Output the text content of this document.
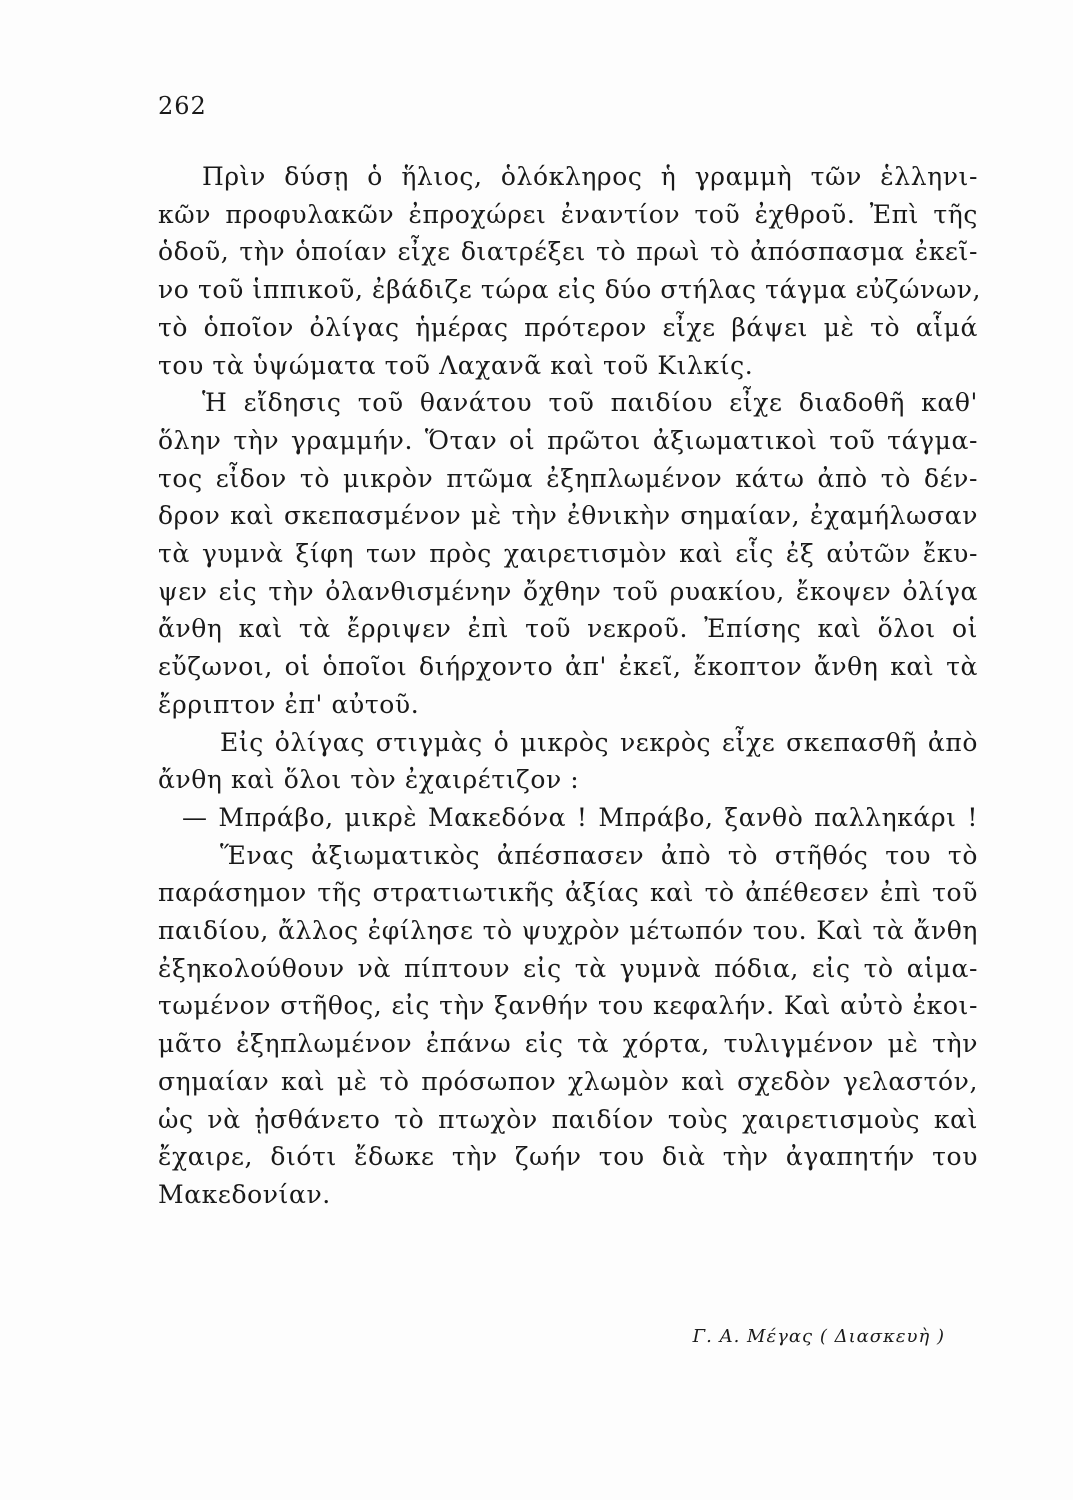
262
Πρὶν δύσῃ ὁ ἥλιος, ὁλόκληρος ἡ γραμμὴ τῶν ἑλληνι-
κῶν προφυλακῶν ἐπροχώρει ἐναντίον τοῦ ἐχθροῦ. Ἐπὶ τῆς
ὁδοῦ, τὴν ὁποίαν εἶχε διατρέξει τὸ πρωὶ τὸ ἀπόσπασμα ἐκεῖ-
νο τοῦ ἱππικοῦ, ἐβάδιζε τώρα εἰς δύο στήλας τάγμα εὐζώνων,
τὸ ὁποῖον ὀλίγας ἡμέρας πρότερον εἶχε βάψει μὲ τὸ αἷμά
του τὰ ὑψώματα τοῦ Λαχανᾶ καὶ τοῦ Κιλκίς.
Ἡ εἴδησις τοῦ θανάτου τοῦ παιδίου εἶχε διαδοθῆ καθ'
ὅλην τὴν γραμμήν. Ὅταν οἱ πρῶτοι ἀξιωματικοὶ τοῦ τάγμα-
τος εἶδον τὸ μικρὸν πτῶμα ἐξηπλωμένον κάτω ἀπὸ τὸ δέν-
δρον καὶ σκεπασμένον μὲ τὴν ἐθνικὴν σημαίαν, ἐχαμήλωσαν
τὰ γυμνὰ ξίφη των πρὸς χαιρετισμὸν καὶ εἷς ἐξ αὐτῶν ἔκυ-
ψεν εἰς τὴν ὀλανθισμένην ὄχθην τοῦ ρυακίου, ἔκοψεν ὀλίγα
ἄνθη καὶ τὰ ἔρριψεν ἐπὶ τοῦ νεκροῦ. Ἐπίσης καὶ ὅλοι οἱ
εὔζωνοι, οἱ ὁποῖοι διήρχοντο ἀπ' ἐκεῖ, ἔκοπτον ἄνθη καὶ τὰ
ἔρριπτον ἐπ' αὐτοῦ.
Εἰς ὀλίγας στιγμὰς ὁ μικρὸς νεκρὸς εἶχε σκεπασθῆ ἀπὸ
ἄνθη καὶ ὅλοι τὸν ἐχαιρέτιζον :
— Μπράβο, μικρὲ Μακεδόνα ! Μπράβο, ξανθὸ παλληκάρι !
Ἕνας ἀξιωματικὸς ἀπέσπασεν ἀπὸ τὸ στῆθός του τὸ
παράσημον τῆς στρατιωτικῆς ἀξίας καὶ τὸ ἀπέθεσεν ἐπὶ τοῦ
παιδίου, ἄλλος ἐφίλησε τὸ ψυχρὸν μέτωπόν του. Καὶ τὰ ἄνθη
ἐξηκολούθουν νὰ πίπτουν εἰς τὰ γυμνὰ πόδια, εἰς τὸ αἱμα-
τωμένον στῆθος, εἰς τὴν ξανθήν του κεφαλήν. Καὶ αὐτὸ ἐκοι-
μᾶτο ἐξηπλωμένον ἐπάνω εἰς τὰ χόρτα, τυλιγμένον μὲ τὴν
σημαίαν καὶ μὲ τὸ πρόσωπον χλωμὸν καὶ σχεδὸν γελαστόν,
ὡς νὰ ᾐσθάνετο τὸ πτωχὸν παιδίον τοὺς χαιρετισμοὺς καὶ
ἔχαιρε, διότι ἔδωκε τὴν ζωήν του διὰ τὴν ἀγαπητήν του
Μακεδονίαν.
Γ. Α. Μέγας ( Διασκευὴ )
